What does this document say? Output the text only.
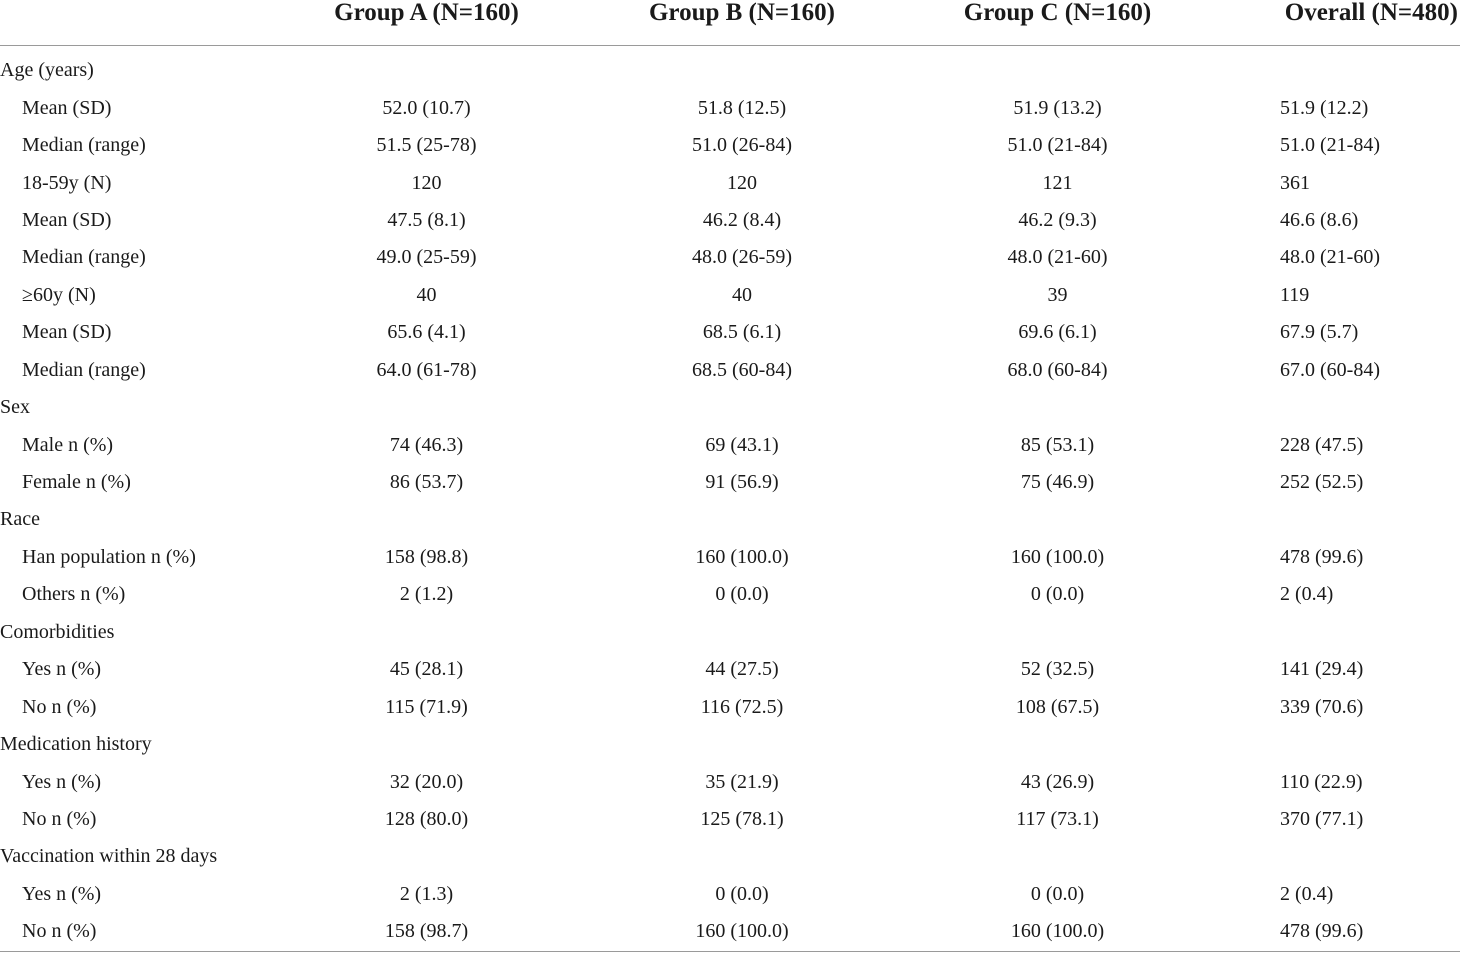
	Group A (N=160)	Group B (N=160)	Group C (N=160)	Overall (N=480)
Age (years)				
Mean (SD)	52.0 (10.7)	51.8 (12.5)	51.9 (13.2)	51.9 (12.2)
Median (range)	51.5 (25-78)	51.0 (26-84)	51.0 (21-84)	51.0 (21-84)
18-59y (N)	120	120	121	361
Mean (SD)	47.5 (8.1)	46.2 (8.4)	46.2 (9.3)	46.6 (8.6)
Median (range)	49.0 (25-59)	48.0 (26-59)	48.0 (21-60)	48.0 (21-60)
≥60y (N)	40	40	39	119
Mean (SD)	65.6 (4.1)	68.5 (6.1)	69.6 (6.1)	67.9 (5.7)
Median (range)	64.0 (61-78)	68.5 (60-84)	68.0 (60-84)	67.0 (60-84)
Sex				
Male n (%)	74 (46.3)	69 (43.1)	85 (53.1)	228 (47.5)
Female n (%)	86 (53.7)	91 (56.9)	75 (46.9)	252 (52.5)
Race				
Han population n (%)	158 (98.8)	160 (100.0)	160 (100.0)	478 (99.6)
Others n (%)	2 (1.2)	0 (0.0)	0 (0.0)	2 (0.4)
Comorbidities				
Yes n (%)	45 (28.1)	44 (27.5)	52 (32.5)	141 (29.4)
No n (%)	115 (71.9)	116 (72.5)	108 (67.5)	339 (70.6)
Medication history				
Yes n (%)	32 (20.0)	35 (21.9)	43 (26.9)	110 (22.9)
No n (%)	128 (80.0)	125 (78.1)	117 (73.1)	370 (77.1)
Vaccination within 28 days				
Yes n (%)	2 (1.3)	0 (0.0)	0 (0.0)	2 (0.4)
No n (%)	158 (98.7)	160 (100.0)	160 (100.0)	478 (99.6)
